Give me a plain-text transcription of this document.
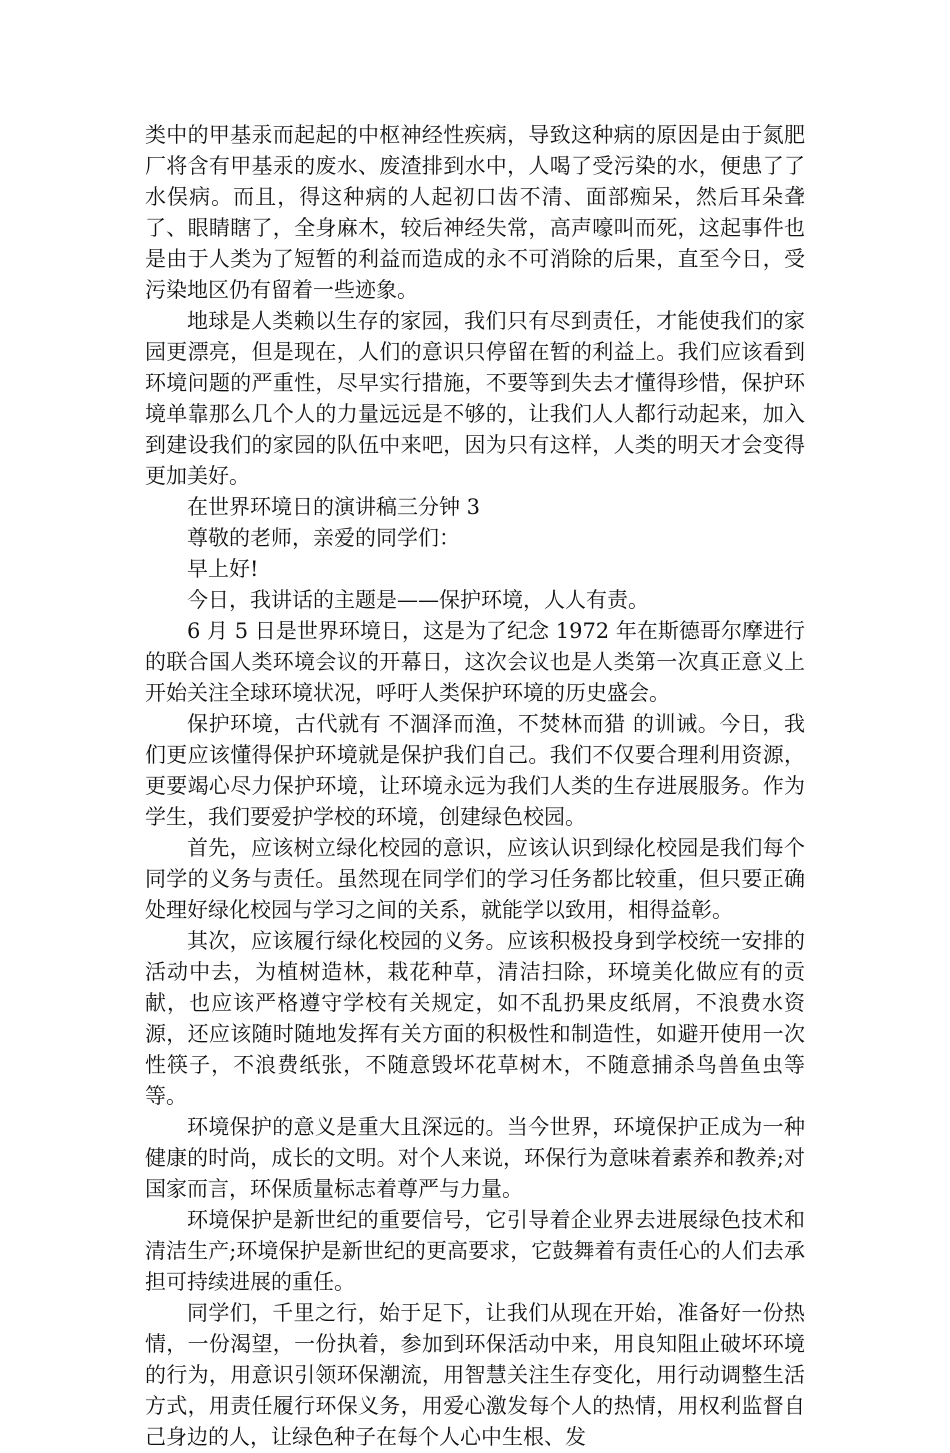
类中的甲基汞而起起的中枢神经性疾病，导致这种病的原因是由于氮肥厂将含有甲基汞的废水、废渣排到水中，人喝了受污染的水，便患了了水俣病。而且，得这种病的人起初口齿不清、面部痴呆，然后耳朵聋了、眼睛瞎了，全身麻木，较后神经失常，高声嚎叫而死，这起事件也是由于人类为了短暂的利益而造成的永不可消除的后果，直至今日，受污染地区仍有留着一些迹象。

地球是人类赖以生存的家园，我们只有尽到责任，才能使我们的家园更漂亮，但是现在，人们的意识只停留在暂的利益上。我们应该看到环境问题的严重性，尽早实行措施，不要等到失去才懂得珍惜，保护环境单靠那么几个人的力量远远是不够的，让我们人人都行动起来，加入到建设我们的家园的队伍中来吧，因为只有这样，人类的明天才会变得更加美好。

在世界环境日的演讲稿三分钟 3

尊敬的老师，亲爱的同学们：

早上好!

今日，我讲话的主题是——保护环境，人人有责。

6 月 5 日是世界环境日，这是为了纪念 1972 年在斯德哥尔摩进行的联合国人类环境会议的开幕日，这次会议也是人类第一次真正意义上开始关注全球环境状况，呼吁人类保护环境的历史盛会。

保护环境，古代就有 不涸泽而渔，不焚林而猎 的训诫。今日，我们更应该懂得保护环境就是保护我们自己。我们不仅要合理利用资源，更要竭心尽力保护环境，让环境永远为我们人类的生存进展服务。作为学生，我们要爱护学校的环境，创建绿色校园。

首先，应该树立绿化校园的意识，应该认识到绿化校园是我们每个同学的义务与责任。虽然现在同学们的学习任务都比较重，但只要正确处理好绿化校园与学习之间的关系，就能学以致用，相得益彰。

其次，应该履行绿化校园的义务。应该积极投身到学校统一安排的活动中去，为植树造林，栽花种草，清洁扫除，环境美化做应有的贡献，也应该严格遵守学校有关规定，如不乱扔果皮纸屑，不浪费水资源，还应该随时随地发挥有关方面的积极性和制造性，如避开使用一次性筷子，不浪费纸张，不随意毁坏花草树木，不随意捕杀鸟兽鱼虫等等。

环境保护的意义是重大且深远的。当今世界，环境保护正成为一种健康的时尚，成长的文明。对个人来说，环保行为意味着素养和教养;对国家而言，环保质量标志着尊严与力量。

环境保护是新世纪的重要信号，它引导着企业界去进展绿色技术和清洁生产;环境保护是新世纪的更高要求，它鼓舞着有责任心的人们去承担可持续进展的重任。

同学们，千里之行，始于足下，让我们从现在开始，准备好一份热情，一份渴望，一份执着，参加到环保活动中来，用良知阻止破坏环境的行为，用意识引领环保潮流，用智慧关注生存变化，用行动调整生活方式，用责任履行环保义务，用爱心激发每个人的热情，用权利监督自己身边的人，让绿色种子在每个人心中生根、发
